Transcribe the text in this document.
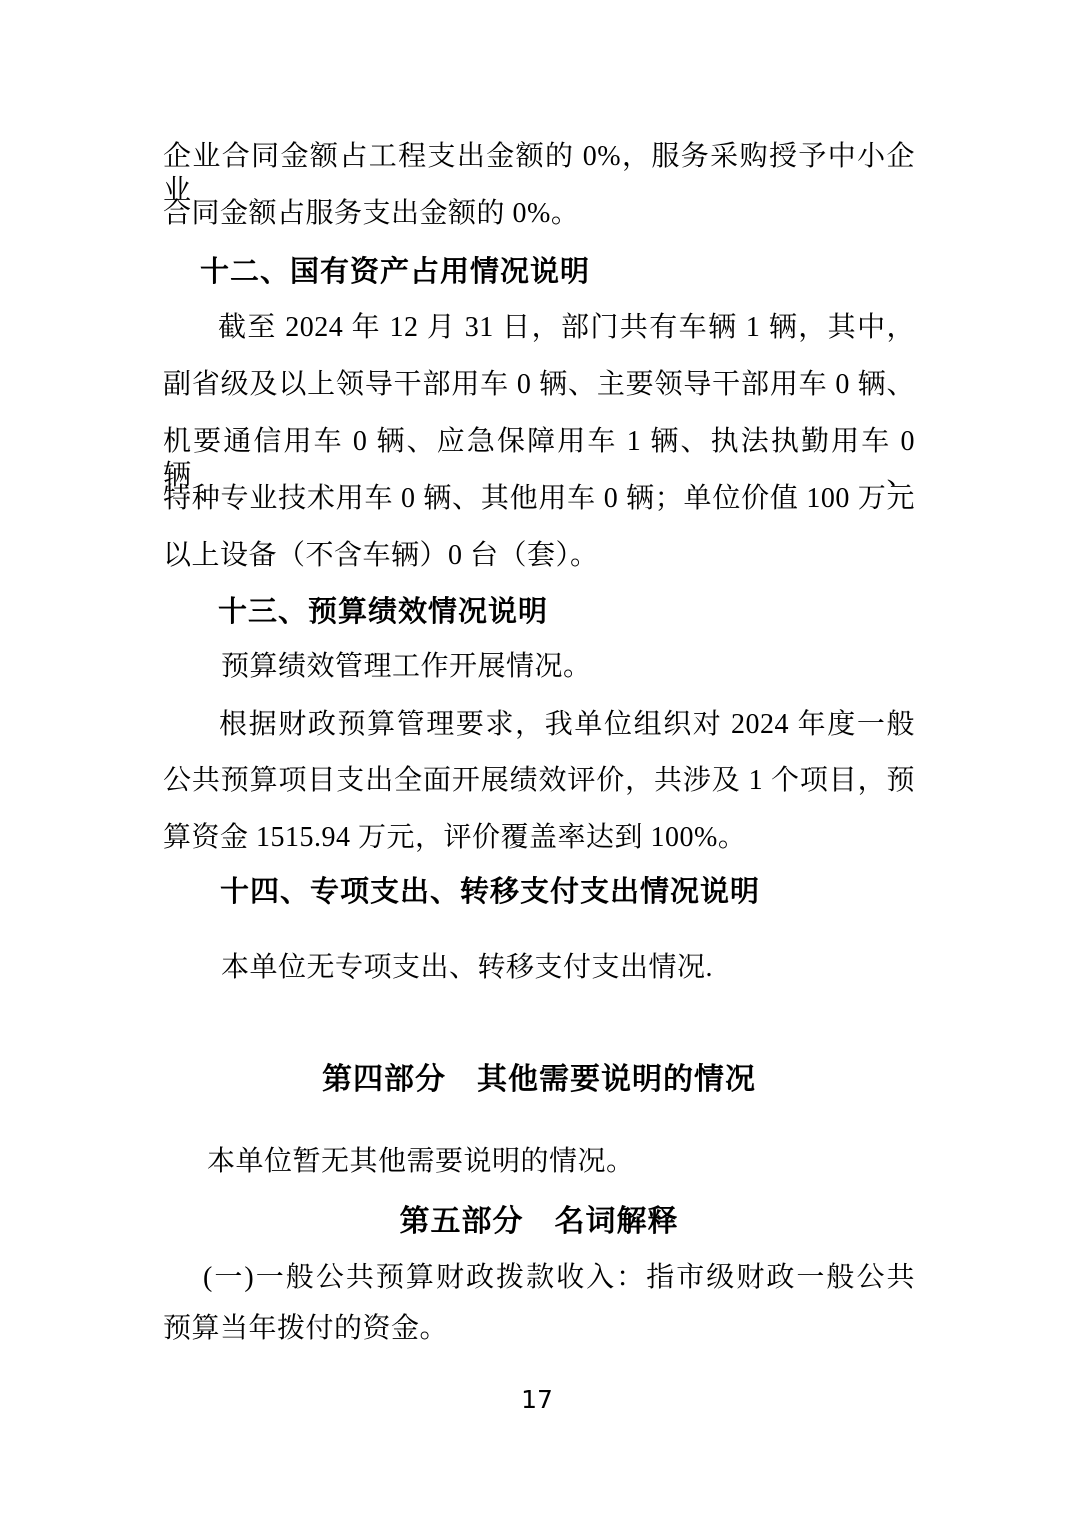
企业合同金额占工程支出金额的 0%，服务采购授予中小企业
合同金额占服务支出金额的 0%。
十二、国有资产占用情况说明
截至 2024 年 12 月 31 日，部门共有车辆 1 辆，其中，
副省级及以上领导干部用车 0 辆、主要领导干部用车 0 辆、
机要通信用车 0 辆、应急保障用车 1 辆、执法执勤用车 0 辆、
特种专业技术用车 0 辆、其他用车 0 辆；单位价值 100 万元
以上设备（不含车辆）0 台（套）。
十三、预算绩效情况说明
预算绩效管理工作开展情况。
根据财政预算管理要求，我单位组织对 2024 年度一般
公共预算项目支出全面开展绩效评价，共涉及 1 个项目，预
算资金 1515.94 万元，评价覆盖率达到 100%。
十四、专项支出、转移支付支出情况说明
本单位无专项支出、转移支付支出情况.
第四部分　其他需要说明的情况
本单位暂无其他需要说明的情况。
第五部分　名词解释
(一)一般公共预算财政拨款收入：指市级财政一般公共
预算当年拨付的资金。
17
